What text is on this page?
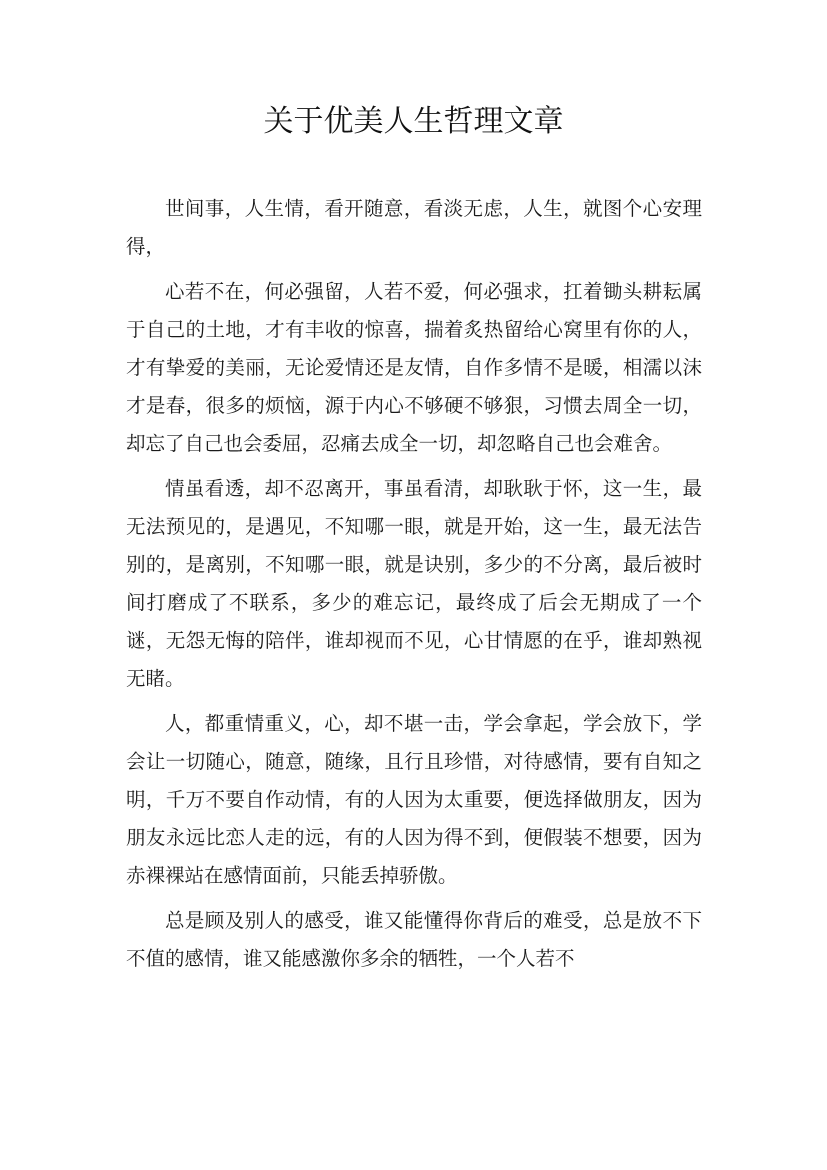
关于优美人生哲理文章

世间事，人生情，看开随意，看淡无虑，人生，就图个心安理得，

心若不在，何必强留，人若不爱，何必强求，扛着锄头耕耘属于自己的土地，才有丰收的惊喜，揣着炙热留给心窝里有你的人，才有挚爱的美丽，无论爱情还是友情，自作多情不是暖，相濡以沫才是春，很多的烦恼，源于内心不够硬不够狠，习惯去周全一切，却忘了自己也会委屈，忍痛去成全一切，却忽略自己也会难舍。

情虽看透，却不忍离开，事虽看清，却耿耿于怀，这一生，最无法预见的，是遇见，不知哪一眼，就是开始，这一生，最无法告别的，是离别，不知哪一眼，就是诀别，多少的不分离，最后被时间打磨成了不联系，多少的难忘记，最终成了后会无期成了一个谜，无怨无悔的陪伴，谁却视而不见，心甘情愿的在乎，谁却熟视无睹。

人，都重情重义，心，却不堪一击，学会拿起，学会放下，学会让一切随心，随意，随缘，且行且珍惜，对待感情，要有自知之明，千万不要自作动情，有的人因为太重要，便选择做朋友，因为朋友永远比恋人走的远，有的人因为得不到，便假装不想要，因为赤裸裸站在感情面前，只能丢掉骄傲。

总是顾及别人的感受，谁又能懂得你背后的难受，总是放不下不值的感情，谁又能感激你多余的牺牲，一个人若不
